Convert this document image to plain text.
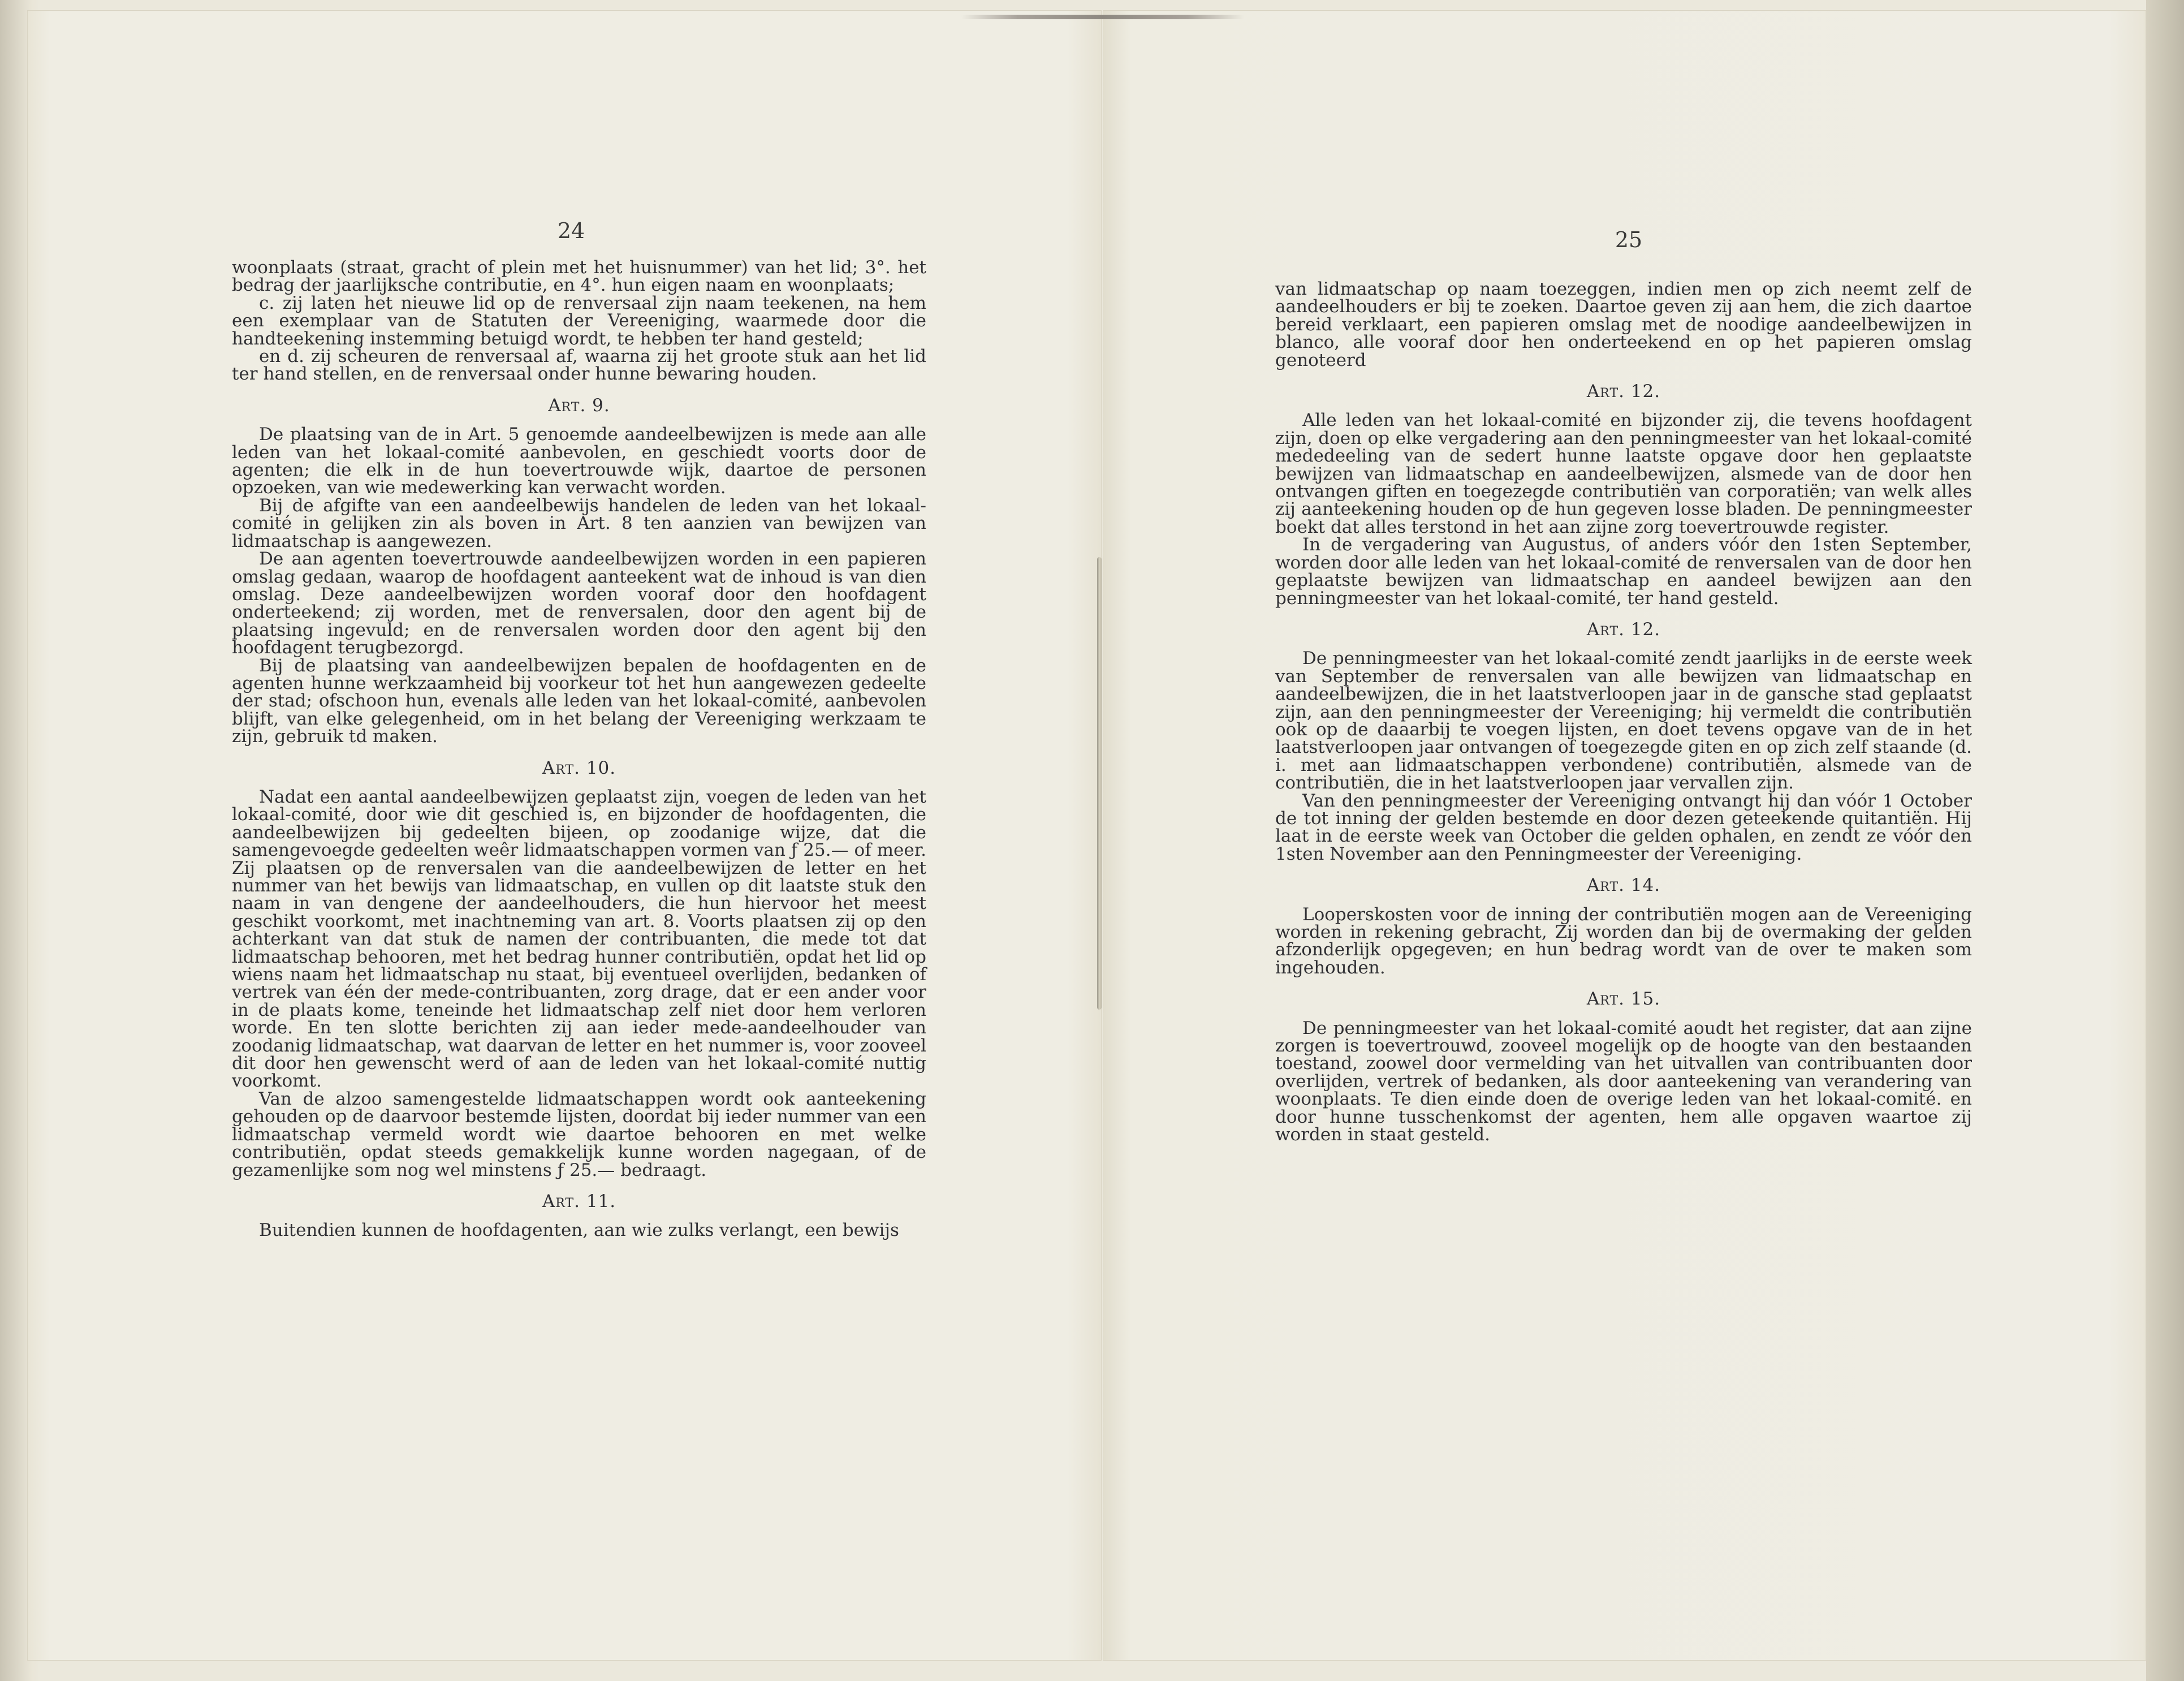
24

woonplaats (straat, gracht of plein met het huisnummer) van het lid; 3°. het bedrag der jaarlijksche contributie, en 4°. hun eigen naam en woonplaats;

c. zij laten het nieuwe lid op de renversaal zijn naam teekenen, na hem een exemplaar van de Statuten der Vereeniging, waarmede door die handteekening instemming betuigd wordt, te hebben ter hand gesteld;

en d. zij scheuren de renversaal af, waarna zij het groote stuk aan het lid ter hand stellen, en de renversaal onder hunne bewaring houden.

Art. 9.

De plaatsing van de in Art. 5 genoemde aandeelbewijzen is mede aan alle leden van het lokaal-comité aanbevolen, en geschiedt voorts door de agenten; die elk in de hun toevertrouwde wijk, daartoe de personen opzoeken, van wie medewerking kan verwacht worden.

Bij de afgifte van een aandeelbewijs handelen de leden van het lokaal-comité in gelijken zin als boven in Art. 8 ten aanzien van bewijzen van lidmaatschap is aangewezen.

De aan agenten toevertrouwde aandeelbewijzen worden in een papieren omslag gedaan, waarop de hoofdagent aanteekent wat de inhoud is van dien omslag. Deze aandeelbewijzen worden vooraf door den hoofdagent onderteekend; zij worden, met de renversalen, door den agent bij de plaatsing ingevuld; en de renversalen worden door den agent bij den hoofdagent terugbezorgd.

Bij de plaatsing van aandeelbewijzen bepalen de hoofdagenten en de agenten hunne werkzaamheid bij voorkeur tot het hun aangewezen gedeelte der stad; ofschoon hun, evenals alle leden van het lokaal-comité, aanbevolen blijft, van elke gelegenheid, om in het belang der Vereeniging werkzaam te zijn, gebruik td maken.

Art. 10.

Nadat een aantal aandeelbewijzen geplaatst zijn, voegen de leden van het lokaal-comité, door wie dit geschied is, en bijzonder de hoofdagenten, die aandeelbewijzen bij gedeelten bijeen, op zoodanige wijze, dat die samengevoegde gedeelten weêr lidmaatschappen vormen van ƒ 25.— of meer. Zij plaatsen op de renversalen van die aandeelbewijzen de letter en het nummer van het bewijs van lidmaatschap, en vullen op dit laatste stuk den naam in van dengene der aandeelhouders, die hun hiervoor het meest geschikt voorkomt, met inachtneming van art. 8. Voorts plaatsen zij op den achterkant van dat stuk de namen der contribuanten, die mede tot dat lidmaatschap behooren, met het bedrag hunner contributiën, opdat het lid op wiens naam het lidmaatschap nu staat, bij eventueel overlijden, bedanken of vertrek van één der mede-contribuanten, zorg drage, dat er een ander voor in de plaats kome, teneinde het lidmaatschap zelf niet door hem verloren worde. En ten slotte berichten zij aan ieder mede-aandeelhouder van zoodanig lidmaatschap, wat daarvan de letter en het nummer is, voor zooveel dit door hen gewenscht werd of aan de leden van het lokaal-comité nuttig voorkomt.

Van de alzoo samengestelde lidmaatschappen wordt ook aanteekening gehouden op de daarvoor bestemde lijsten, doordat bij ieder nummer van een lidmaatschap vermeld wordt wie daartoe behooren en met welke contributiën, opdat steeds gemakkelijk kunne worden nagegaan, of de gezamenlijke som nog wel minstens ƒ 25.— bedraagt.

Art. 11.

Buitendien kunnen de hoofdagenten, aan wie zulks verlangt, een bewijs

25

van lidmaatschap op naam toezeggen, indien men op zich neemt zelf de aandeelhouders er bij te zoeken. Daartoe geven zij aan hem, die zich daartoe bereid verklaart, een papieren omslag met de noodige aandeelbewijzen in blanco, alle vooraf door hen onderteekend en op het papieren omslag genoteerd

Art. 12.

Alle leden van het lokaal-comité en bijzonder zij, die tevens hoofdagent zijn, doen op elke vergadering aan den penningmeester van het lokaal-comité mededeeling van de sedert hunne laatste opgave door hen geplaatste bewijzen van lidmaatschap en aandeelbewijzen, alsmede van de door hen ontvangen giften en toegezegde contributiën van corporatiën; van welk alles zij aanteekening houden op de hun gegeven losse bladen. De penningmeester boekt dat alles terstond in het aan zijne zorg toevertrouwde register.

In de vergadering van Augustus, of anders vóór den 1sten September, worden door alle leden van het lokaal-comité de renversalen van de door hen geplaatste bewijzen van lidmaatschap en aandeel bewijzen aan den penningmeester van het lokaal-comité, ter hand gesteld.

Art. 12.

De penningmeester van het lokaal-comité zendt jaarlijks in de eerste week van September de renversalen van alle bewijzen van lidmaatschap en aandeelbewijzen, die in het laatstverloopen jaar in de gansche stad geplaatst zijn, aan den penningmeester der Vereeniging; hij vermeldt die contributiën ook op de daaarbij te voegen lijsten, en doet tevens opgave van de in het laatstverloopen jaar ontvangen of toegezegde giten en op zich zelf staande (d. i. met aan lidmaatschappen verbondene) contributiën, alsmede van de contributiën, die in het laatstverloopen jaar vervallen zijn.

Van den penningmeester der Vereeniging ontvangt hij dan vóór 1 October de tot inning der gelden bestemde en door dezen geteekende quitantiën. Hij laat in de eerste week van October die gelden ophalen, en zendt ze vóór den 1sten November aan den Penningmeester der Vereeniging.

Art. 14.

Looperskosten voor de inning der contributiën mogen aan de Vereeniging worden in rekening gebracht, Zij worden dan bij de overmaking der gelden afzonderlijk opgegeven; en hun bedrag wordt van de over te maken som ingehouden.

Art. 15.

De penningmeester van het lokaal-comité aoudt het register, dat aan zijne zorgen is toevertrouwd, zooveel mogelijk op de hoogte van den bestaanden toestand, zoowel door vermelding van het uitvallen van contribuanten door overlijden, vertrek of bedanken, als door aanteekening van verandering van woonplaats. Te dien einde doen de overige leden van het lokaal-comité. en door hunne tusschenkomst der agenten, hem alle opgaven waartoe zij worden in staat gesteld.
